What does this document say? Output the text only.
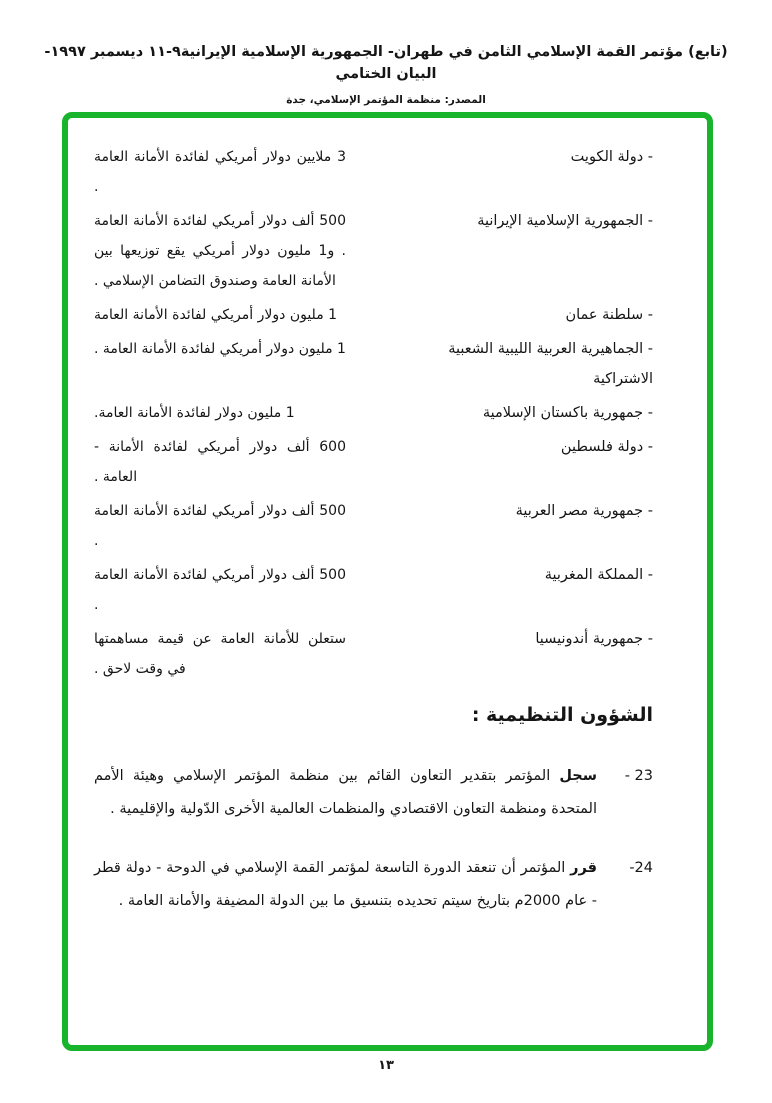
(تابع) مؤتمر القمة الإسلامي الثامن في طهران- الجمهورية الإسلامية الإيرانية٩-١١ ديسمبر ١٩٩٧- البيان الختامي
المصدر: منظمة المؤتمر الإسلامي، جدة
- دولة الكويت
3 ملايين دولار أمريكي لفائدة الأمانة العامة .
- الجمهورية الإسلامية الإيرانية
500 ألف دولار أمريكي لفائدة الأمانة العامة . و1 مليون دولار أمريكي يقع توزيعها بين الأمانة العامة وصندوق التضامن الإسلامي .
- سلطنة عمان
1 مليون دولار أمريكي لفائدة الأمانة العامة
- الجماهيرية العربية الليبية الشعبية الاشتراكية
1 مليون دولار أمريكي لفائدة الأمانة العامة .
- جمهورية باكستان الإسلامية
1 مليون دولار لفائدة الأمانة العامة.
- دولة فلسطين
600 ألف دولار أمريكي لفائدة الأمانة - العامة .
- جمهورية مصر العربية
500 ألف دولار أمريكي لفائدة الأمانة العامة .
- المملكة المغربية
500 ألف دولار أمريكي لفائدة الأمانة العامة .
- جمهورية أندونيسيا
ستعلن للأمانة العامة عن قيمة مساهمتها في وقت لاحق .
الشؤون التنظيمية :
23 -
سجل المؤتمر بتقدير التعاون القائم بين منظمة المؤتمر الإسلامي وهيئة الأمم المتحدة ومنظمة التعاون الاقتصادي والمنظمات العالمية الأخرى الدّولية والإقليمية .
24-
قرر المؤتمر أن تنعقد الدورة التاسعة لمؤتمر القمة الإسلامي في الدوحة - دولة قطر - عام 2000م بتاريخ سيتم تحديده بتنسيق ما بين الدولة المضيفة والأمانة العامة .
١٣
